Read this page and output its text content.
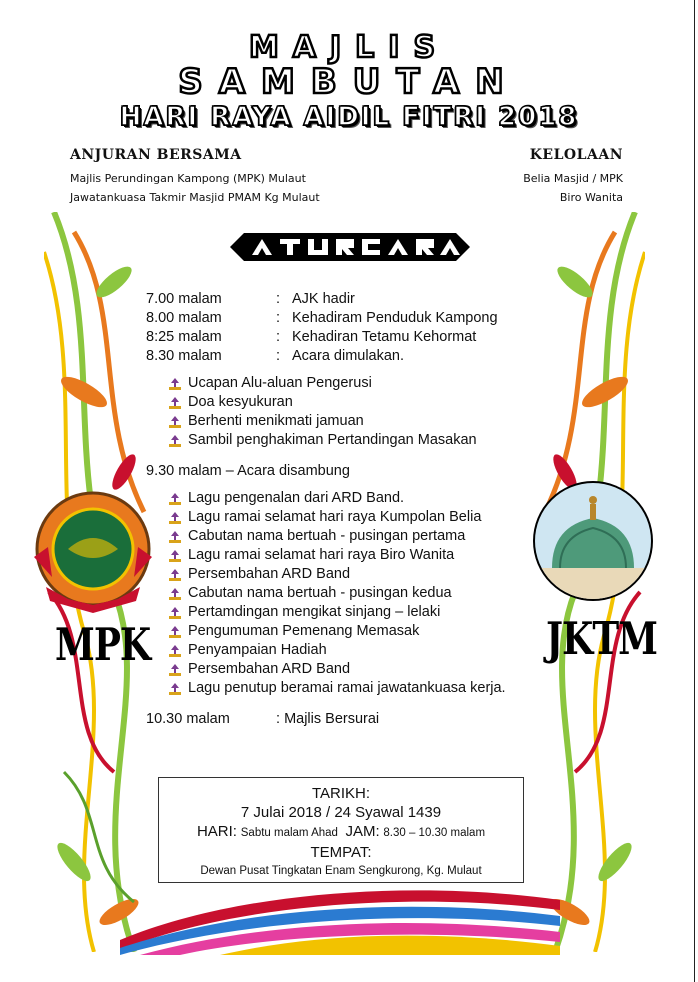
MAJLIS
SAMBUTAN
HARI RAYA AIDIL FITRI 2018
ANJURAN BERSAMA
Majlis Perundingan Kampong (MPK) Mulaut
Jawatankuasa Takmir Masjid PMAM Kg Mulaut
KELOLAAN
Belia Masjid / MPK
Biro Wanita
7.00 malam	: AJK hadir
8.00 malam	: Kehadiram Penduduk Kampong
8:25 malam	: Kehadiran Tetamu Kehormat
8.30 malam	: Acara dimulakan.
Ucapan Alu-aluan Pengerusi
Doa kesyukuran
Berhenti menikmati jamuan
Sambil penghakiman Pertandingan Masakan
9.30 malam – Acara disambung
Lagu pengenalan dari ARD Band.
Lagu ramai selamat hari raya Kumpolan Belia
Cabutan nama bertuah - pusingan pertama
Lagu ramai selamat hari raya Biro Wanita
Persembahan ARD Band
Cabutan nama bertuah - pusingan kedua
Pertamdingan mengikat sinjang – lelaki
Pengumuman Pemenang Memasak
Penyampaian Hadiah
Persembahan ARD Band
Lagu penutup beramai ramai jawatankuasa kerja.
10.30 malam	: Majlis Bersurai
TARIKH:
7 Julai 2018 / 24 Syawal 1439
HARI: Sabtu malam Ahad JAM: 8.30 – 10.30 malam
TEMPAT:
Dewan Pusat Tingkatan Enam Sengkurong, Kg. Mulaut
MPK	JKTM
